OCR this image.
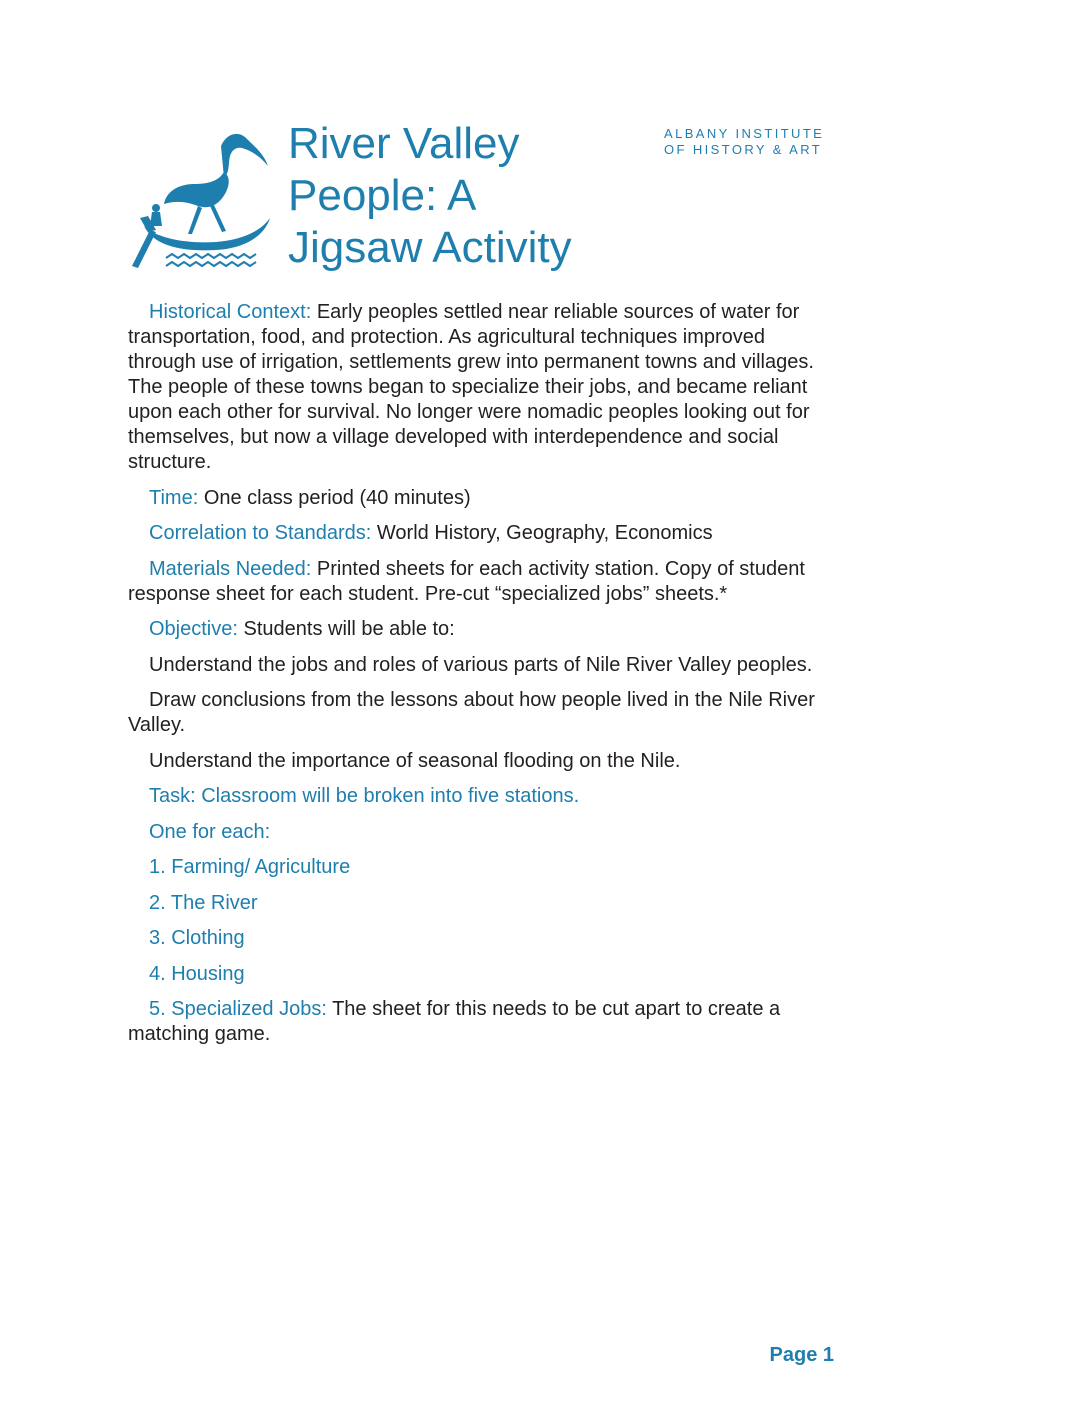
River Valley
People: A
Jigsaw Activity
ALBANY INSTITUTE
OF HISTORY & ART

Historical Context: Early peoples settled near reliable sources of water for transportation, food, and protection. As agricultural techniques improved through use of irrigation, settlements grew into permanent towns and villages. The people of these towns began to specialize their jobs, and became reliant upon each other for survival. No longer were nomadic peoples looking out for themselves, but now a village developed with interdependence and social structure.

Time: One class period (40 minutes)

Correlation to Standards: World History, Geography, Economics

Materials Needed: Printed sheets for each activity station. Copy of student response sheet for each student. Pre-cut “specialized jobs” sheets.*

Objective: Students will be able to:

Understand the jobs and roles of various parts of Nile River Valley peoples.

Draw conclusions from the lessons about how people lived in the Nile River Valley.

Understand the importance of seasonal flooding on the Nile.

Task: Classroom will be broken into five stations.

One for each:

1. Farming/ Agriculture

2. The River

3. Clothing

4. Housing

5. Specialized Jobs: The sheet for this needs to be cut apart to create a matching game.

Page 1
